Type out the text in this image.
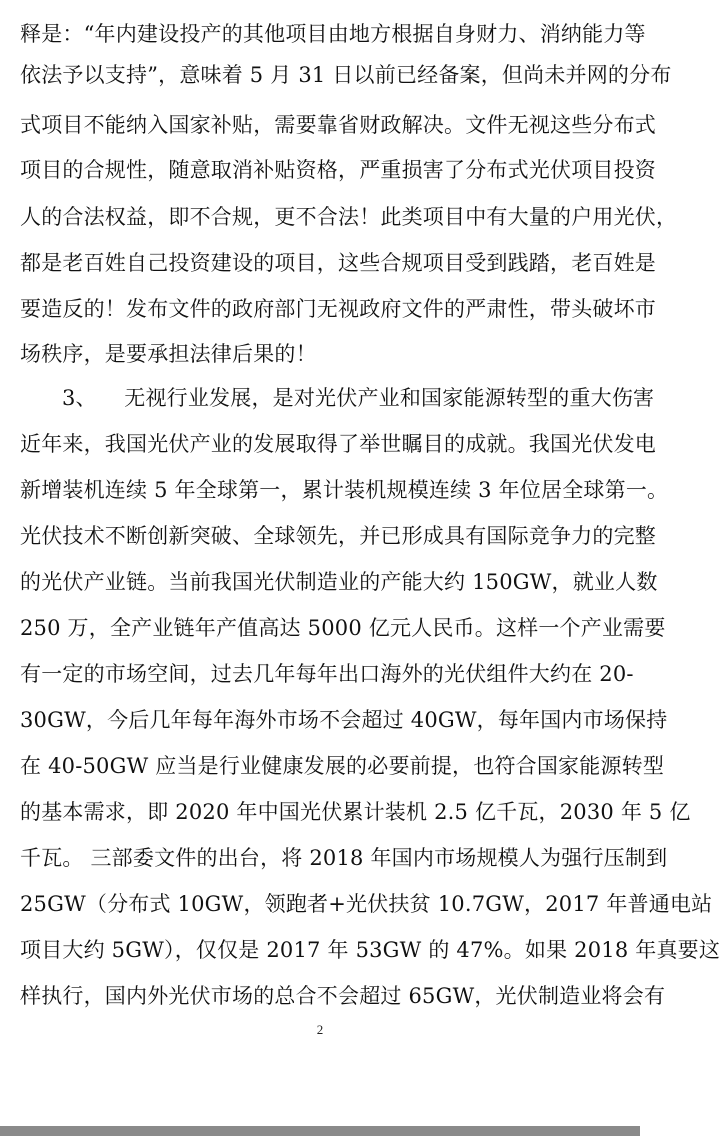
释是：“年内建设投产的其他项目由地方根据自身财力、消纳能力等
依法予以支持”，意味着 5 月 31 日以前已经备案，但尚未并网的分布
式项目不能纳入国家补贴，需要靠省财政解决。文件无视这些分布式
项目的合规性，随意取消补贴资格，严重损害了分布式光伏项目投资
人的合法权益，即不合规，更不合法！此类项目中有大量的户用光伏，
都是老百姓自己投资建设的项目，这些合规项目受到践踏，老百姓是
要造反的！发布文件的政府部门无视政府文件的严肃性，带头破坏市
场秩序，是要承担法律后果的！
3、    无视行业发展，是对光伏产业和国家能源转型的重大伤害
近年来，我国光伏产业的发展取得了举世瞩目的成就。我国光伏发电
新增装机连续 5 年全球第一，累计装机规模连续 3 年位居全球第一。
光伏技术不断创新突破、全球领先，并已形成具有国际竞争力的完整
的光伏产业链。当前我国光伏制造业的产能大约 150GW，就业人数
250 万，全产业链年产值高达 5000 亿元人民币。这样一个产业需要
有一定的市场空间，过去几年每年出口海外的光伏组件大约在 20-
30GW，今后几年每年海外市场不会超过 40GW，每年国内市场保持
在 40-50GW 应当是行业健康发展的必要前提，也符合国家能源转型
的基本需求，即 2020 年中国光伏累计装机 2.5 亿千瓦，2030 年 5 亿
千瓦。 三部委文件的出台，将 2018 年国内市场规模人为强行压制到
25GW（分布式 10GW，领跑者+光伏扶贫 10.7GW，2017 年普通电站
项目大约 5GW），仅仅是 2017 年 53GW 的 47%。如果 2018 年真要这
样执行，国内外光伏市场的总合不会超过 65GW，光伏制造业将会有
2
